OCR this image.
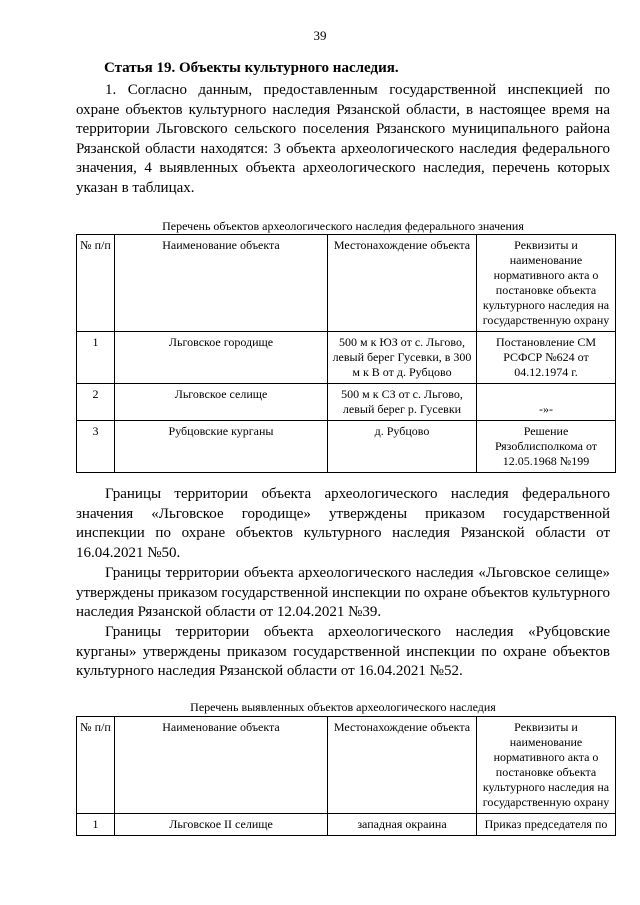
39
Статья 19. Объекты культурного наследия.

1. Согласно данным, предоставленным государственной инспекцией по охране объектов культурного наследия Рязанской области, в настоящее время на территории Льговского сельского поселения Рязанского муниципального района Рязанской области находятся: 3 объекта археологического наследия федерального значения, 4 выявленных объекта археологического наследия, перечень которых указан в таблицах.

Перечень объектов археологического наследия федерального значения
№ п/п	Наименование объекта	Местонахождение объекта	Реквизиты и наименование нормативного акта о постановке объекта культурного наследия на государственную охрану
1	Льговское городище	500 м к ЮЗ от с. Льгово, левый берег Гусевки, в 300 м к В от д. Рубцово	Постановление СМ РСФСР №624 от 04.12.1974 г.
2	Льговское селище	500 м к СЗ от с. Льгово, левый берег р. Гусевки	-»-
3	Рубцовские курганы	д. Рубцово	Решение Рязоблисполкома от 12.05.1968 №199

Границы территории объекта археологического наследия федерального значения «Льговское городище» утверждены приказом государственной инспекции по охране объектов культурного наследия Рязанской области от 16.04.2021 №50.

Границы территории объекта археологического наследия «Льговское селище» утверждены приказом государственной инспекции по охране объектов культурного наследия Рязанской области от 12.04.2021 №39.

Границы территории объекта археологического наследия «Рубцовские курганы» утверждены приказом государственной инспекции по охране объектов культурного наследия Рязанской области от 16.04.2021 №52.

Перечень выявленных объектов археологического наследия
№ п/п	Наименование объекта	Местонахождение объекта	Реквизиты и наименование нормативного акта о постановке объекта культурного наследия на государственную охрану
1	Льговское II селище	западная окраина	Приказ председателя по
